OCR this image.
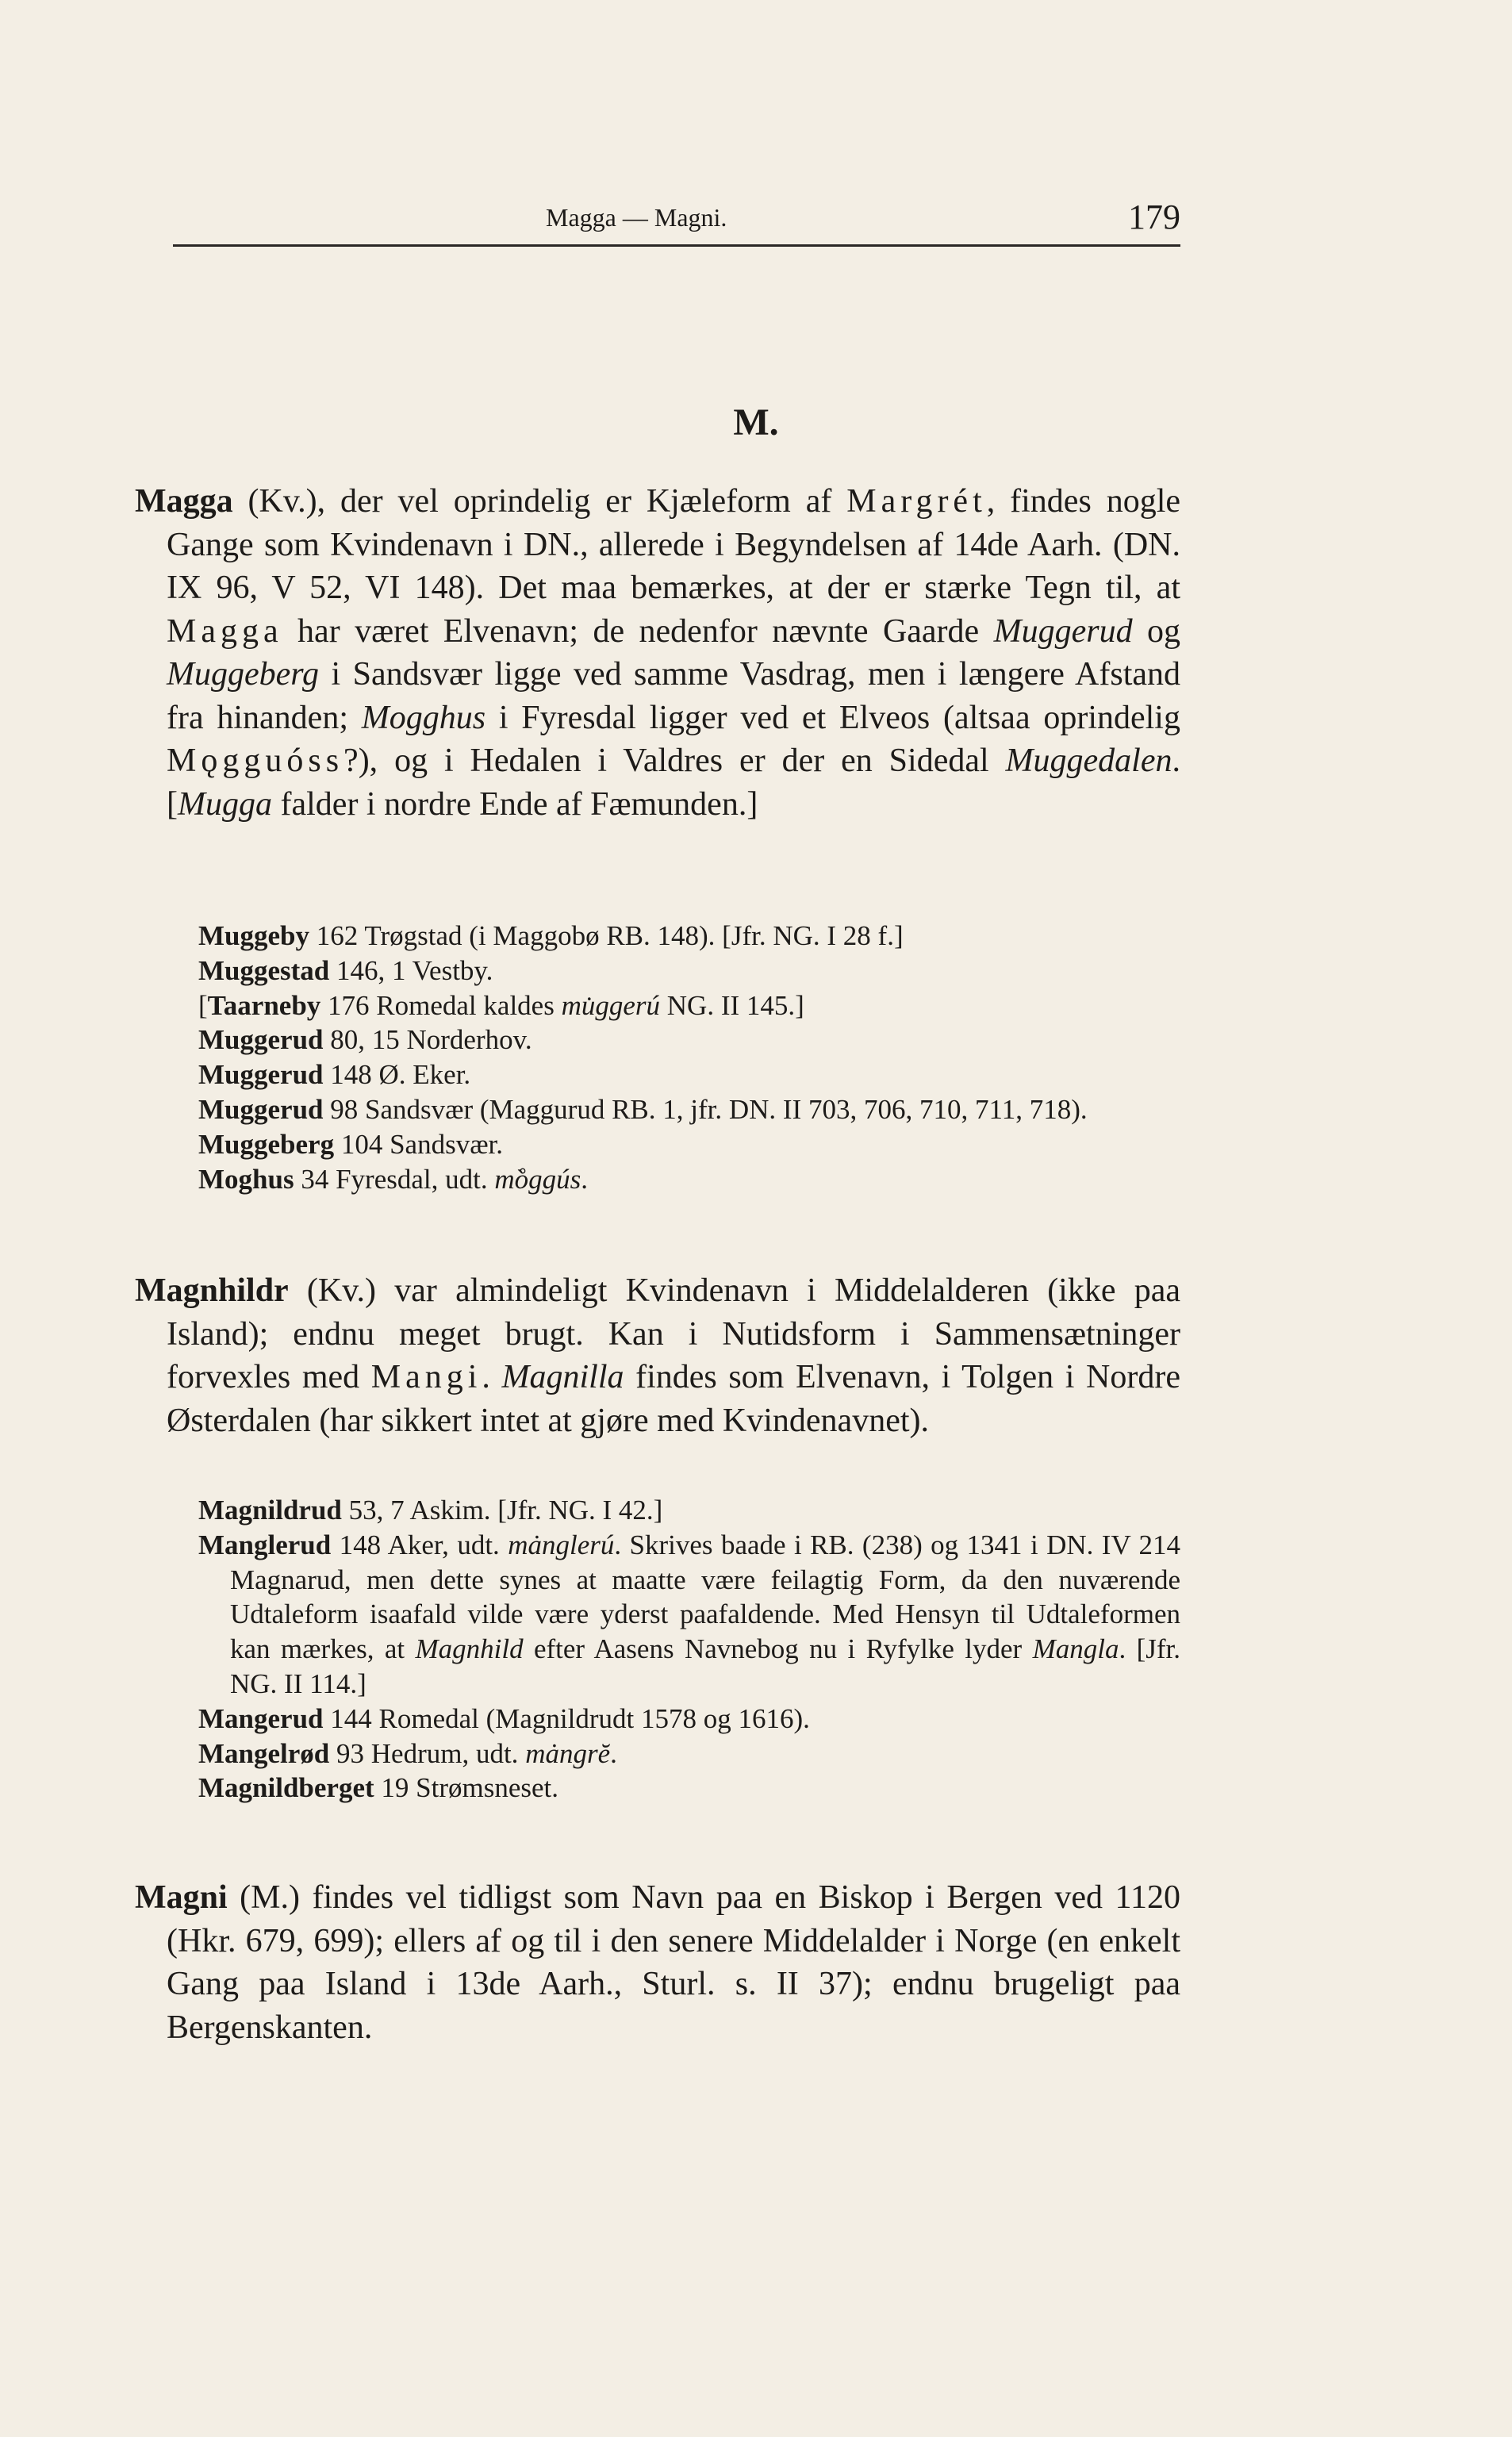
Magga — Magni.	179
M.

Magga (Kv.), der vel oprindelig er Kjæleform af Margrét, findes nogle Gange som Kvindenavn i DN., allerede i Begyndelsen af 14de Aarh. (DN. IX 96, V 52, VI 148). Det maa bemærkes, at der er stærke Tegn til, at Magga har været Elvenavn; de nedenfor nævnte Gaarde Muggerud og Muggeberg i Sandsvær ligge ved samme Vasdrag, men i længere Afstand fra hinanden; Mogghus i Fyresdal ligger ved et Elveos (altsaa oprindelig Mǫgguóss?), og i Hedalen i Valdres er der en Sidedal Muggedalen. [Mugga falder i nordre Ende af Fæmunden.]

Muggeby 162 Trøgstad (i Maggobø RB. 148). [Jfr. NG. I 28 f.]

Muggestad 146, 1 Vestby.

[Taarneby 176 Romedal kaldes mu̇ggerú NG. II 145.]

Muggerud 80, 15 Norderhov.

Muggerud 148 Ø. Eker.

Muggerud 98 Sandsvær (Maggurud RB. 1, jfr. DN. II 703, 706, 710, 711, 718).

Muggeberg 104 Sandsvær.

Moghus 34 Fyresdal, udt. mo̊̀ggús.

Magnhildr (Kv.) var almindeligt Kvindenavn i Middelalderen (ikke paa Island); endnu meget brugt. Kan i Nutidsform i Sammensætninger forvexles med Mangi. Magnilla findes som Elvenavn, i Tolgen i Nordre Østerdalen (har sikkert intet at gjøre med Kvindenavnet).

Magnildrud 53, 7 Askim. [Jfr. NG. I 42.]

Manglerud 148 Aker, udt. mȧnglerú. Skrives baade i RB. (238) og 1341 i DN. IV 214 Magnarud, men dette synes at maatte være feilagtig Form, da den nuværende Udtaleform isaafald vilde være yderst paafaldende. Med Hensyn til Udtaleformen kan mærkes, at Magnhild efter Aasens Navnebog nu i Ryfylke lyder Mangla. [Jfr. NG. II 114.]

Mangerud 144 Romedal (Magnildrudt 1578 og 1616).

Mangelrød 93 Hedrum, udt. mȧngrĕ.

Magnildberget 19 Strømsneset.

Magni (M.) findes vel tidligst som Navn paa en Biskop i Bergen ved 1120 (Hkr. 679, 699); ellers af og til i den senere Middelalder i Norge (en enkelt Gang paa Island i 13de Aarh., Sturl. s. II 37); endnu brugeligt paa Bergenskanten.
